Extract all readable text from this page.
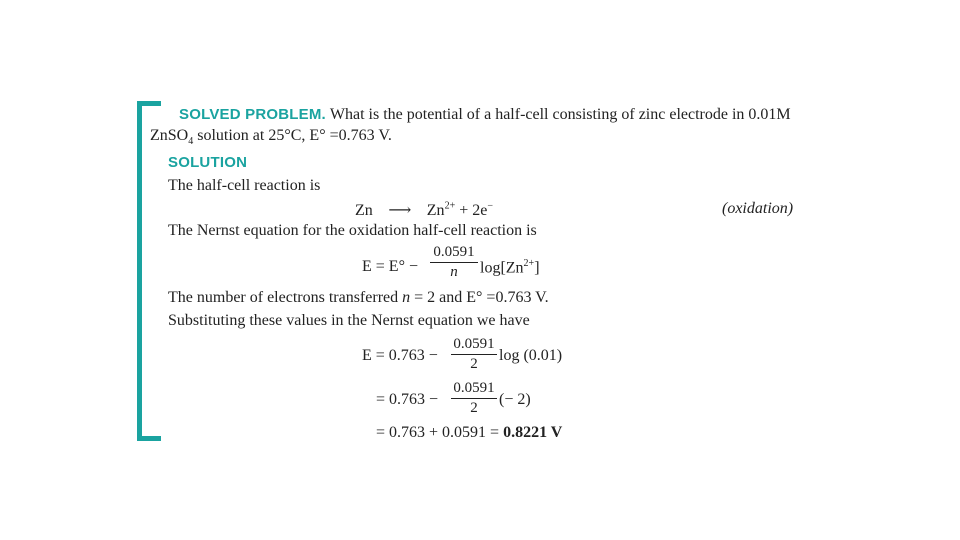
SOLVED PROBLEM. What is the potential of a half-cell consisting of zinc electrode in 0.01M
ZnSO$_4$ solution at 25°C, E° =0.763 V.
SOLUTION
The half-cell reaction is
Zn ⟶ $Zn^{2+} + 2e^-$	(oxidation)
The Nernst equation for the oxidation half-cell reaction is
E = E° −
0.0591
n	$\log[Zn^{2+}]$
The number of electrons transferred n = 2 and E° =0.763 V.
Substituting these values in the Nernst equation we have
E = 0.763 −
0.0591
2	log (0.01)
= 0.763 −
0.0591
2	(− 2)
= 0.763 + 0.0591 = 0.8221 V
